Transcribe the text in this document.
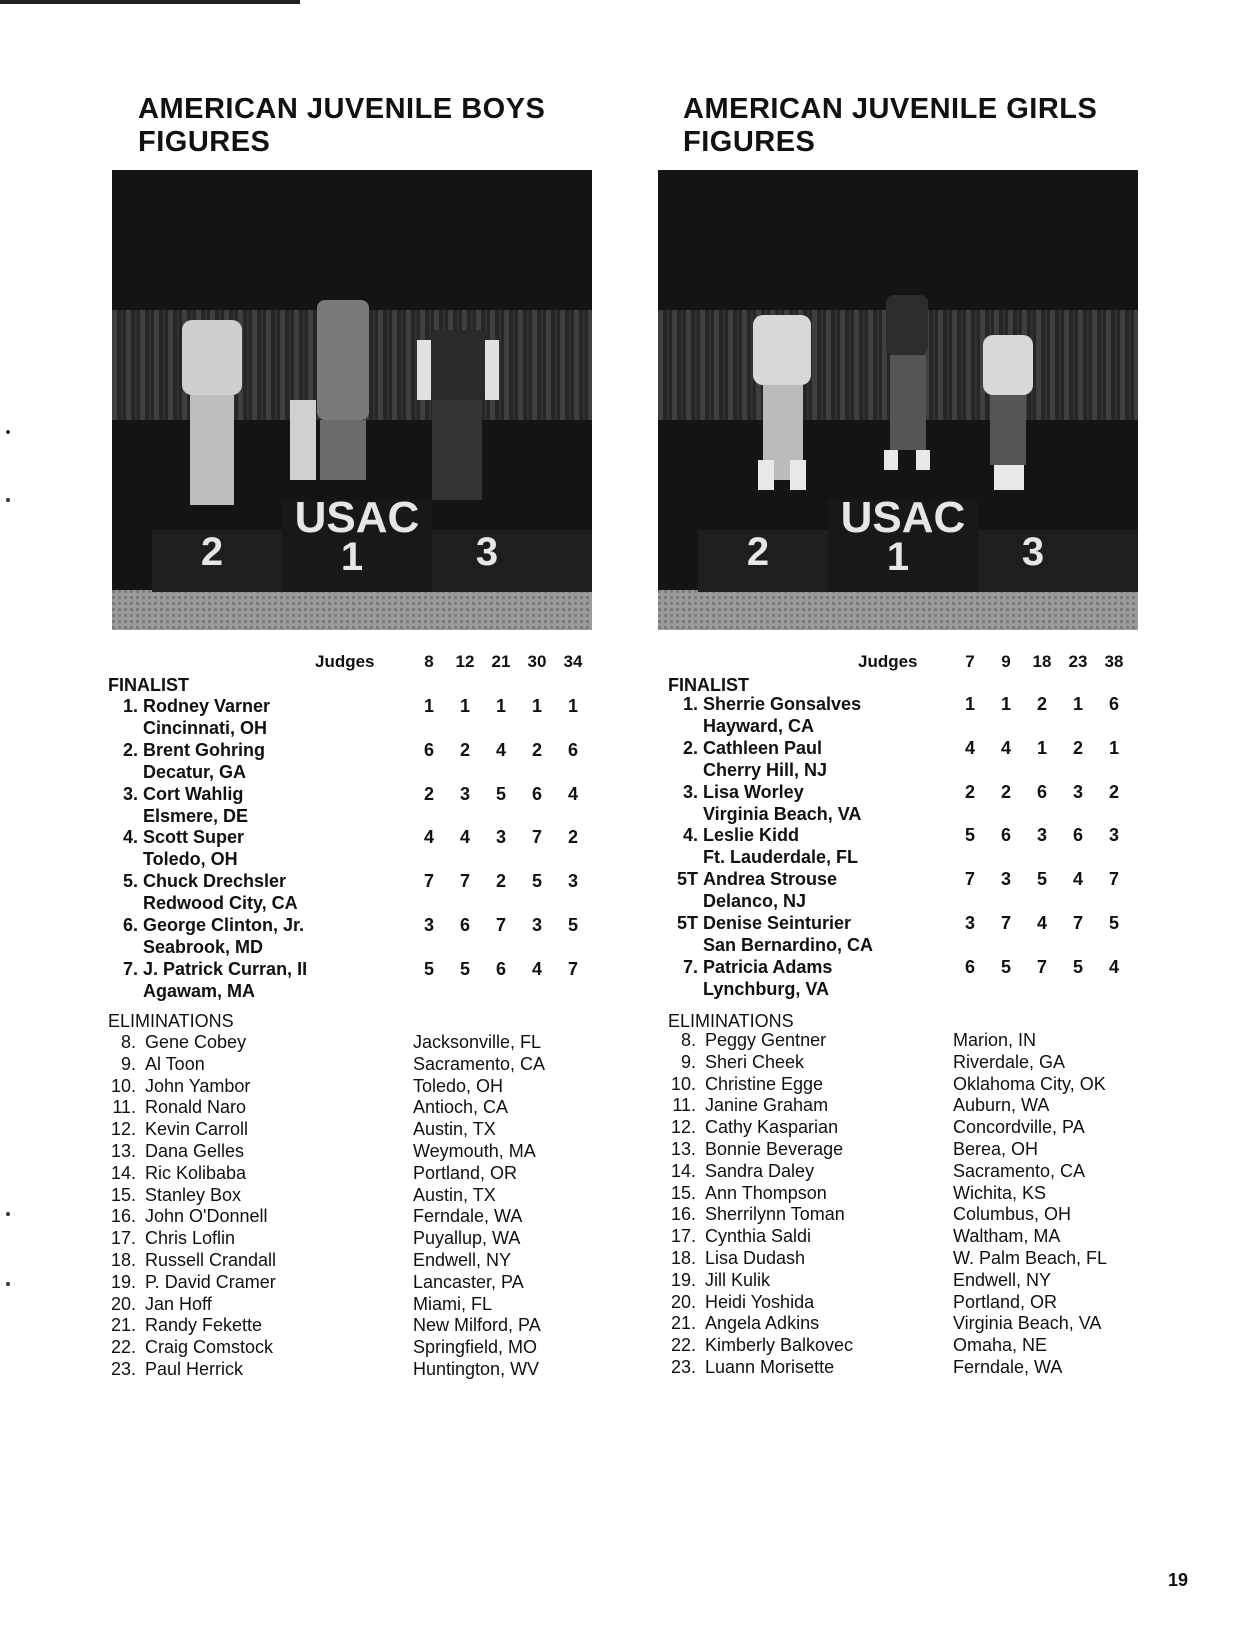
AMERICAN JUVENILE BOYS
FIGURES
USAC
2	1	3
Judges	8	12	21	30	34
FINALIST
ELIMINATIONS
1. Rodney Varner
Cincinnati, OH
1	1	1	1	1
2. Brent Gohring
Decatur, GA
6	2	4	2	6
3. Cort Wahlig
Elsmere, DE
2	3	5	6	4
4. Scott Super
Toledo, OH
4	4	3	7	2
5. Chuck Drechsler
Redwood City, CA
7	7	2	5	3
6. George Clinton, Jr.
Seabrook, MD
3	6	7	3	5
7. J. Patrick Curran, II
Agawam, MA
5	5	6	4	7
8. Gene Cobey	Jacksonville, FL
9. Al Toon	Sacramento, CA
10. John Yambor	Toledo, OH
11. Ronald Naro	Antioch, CA
12. Kevin Carroll	Austin, TX
13. Dana Gelles	Weymouth, MA
14. Ric Kolibaba	Portland, OR
15. Stanley Box	Austin, TX
16. John O'Donnell	Ferndale, WA
17. Chris Loflin	Puyallup, WA
18. Russell Crandall	Endwell, NY
19. P. David Cramer	Lancaster, PA
20. Jan Hoff	Miami, FL
21. Randy Fekette	New Milford, PA
22. Craig Comstock	Springfield, MO
23. Paul Herrick	Huntington, WV
AMERICAN JUVENILE GIRLS
FIGURES
USAC
2	1	3
Judges	7	9	18	23	38
FINALIST
ELIMINATIONS
1. Sherrie Gonsalves
Hayward, CA
1	1	2	1	6
2. Cathleen Paul
Cherry Hill, NJ
4	4	1	2	1
3. Lisa Worley
Virginia Beach, VA
2	2	6	3	2
4. Leslie Kidd
Ft. Lauderdale, FL
5	6	3	6	3
5T Andrea Strouse
Delanco, NJ
7	3	5	4	7
5T Denise Seinturier
San Bernardino, CA
3	7	4	7	5
7. Patricia Adams
Lynchburg, VA
6	5	7	5	4
8. Peggy Gentner	Marion, IN
9. Sheri Cheek	Riverdale, GA
10. Christine Egge	Oklahoma City, OK
11. Janine Graham	Auburn, WA
12. Cathy Kasparian	Concordville, PA
13. Bonnie Beverage	Berea, OH
14. Sandra Daley	Sacramento, CA
15. Ann Thompson	Wichita, KS
16. Sherrilynn Toman	Columbus, OH
17. Cynthia Saldi	Waltham, MA
18. Lisa Dudash	W. Palm Beach, FL
19. Jill Kulik	Endwell, NY
20. Heidi Yoshida	Portland, OR
21. Angela Adkins	Virginia Beach, VA
22. Kimberly Balkovec	Omaha, NE
23. Luann Morisette	Ferndale, WA
19
